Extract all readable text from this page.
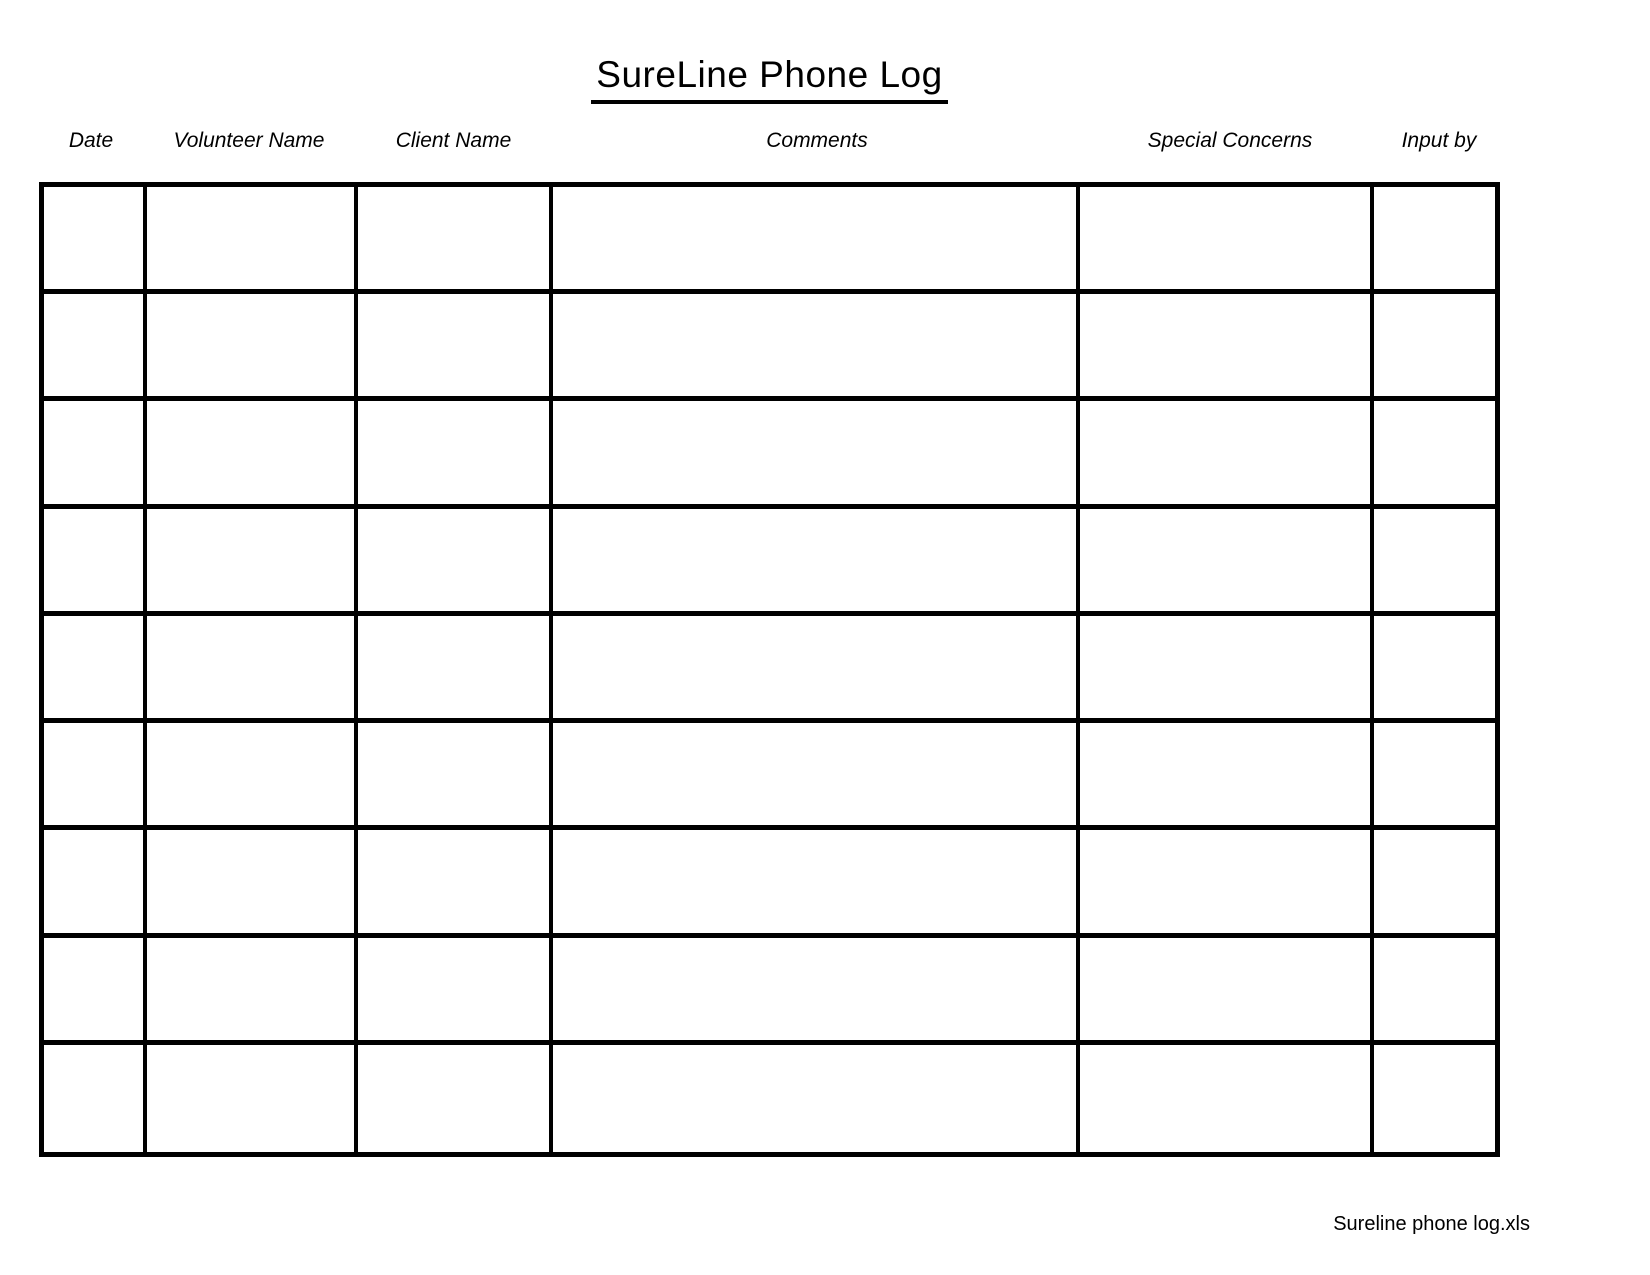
SureLine Phone Log
Date	Volunteer Name	Client Name	Comments	Special Concerns	Input by
Sureline phone log.xls
